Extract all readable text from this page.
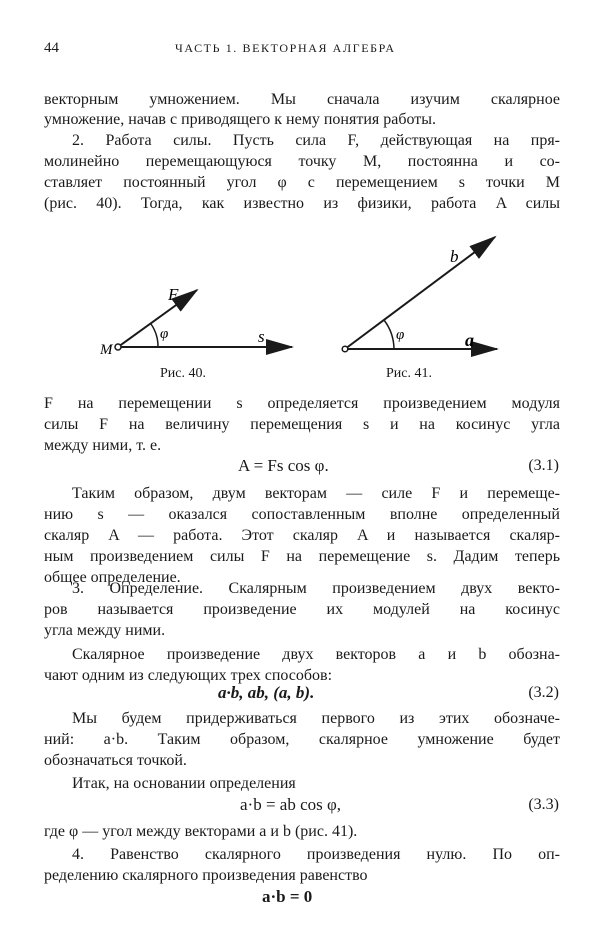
44	ЧАСТЬ 1. ВЕКТОРНАЯ АЛГЕБРА
векторным умножением. Мы сначала изучим скалярное
умножение, начав с приводящего к нему понятия работы.
2. Работа силы. Пусть сила F, действующая на пря-
молинейно перемещающуюся точку M, постоянна и со-
ставляет постоянный угол φ с перемещением s точки M
(рис. 40). Тогда, как известно из физики, работа A силы
F
φ
M
s
Рис. 40.
b
φ	a
Рис. 41.
F на перемещении s определяется произведением модуля
силы F на величину перемещения s и на косинус угла
между ними, т. е.
A = Fs cos φ.	(3.1)
Таким образом, двум векторам — силе F и перемеще-
нию s — оказался сопоставленным вполне определенный
скаляр A — работа. Этот скаляр A и называется скаляр-
ным произведением силы F на перемещение s. Дадим теперь
общее определение.
3. Определение. Скалярным произведением двух векто-
ров называется произведение их модулей на косинус
угла между ними.
Скалярное произведение двух векторов a и b обозна-
чают одним из следующих трех способов:
a·b, ab, (a, b).	(3.2)
Мы будем придерживаться первого из этих обозначе-
ний: a·b. Таким образом, скалярное умножение будет
обозначаться точкой.
Итак, на основании определения
a·b = ab cos φ,	(3.3)
где φ — угол между векторами a и b (рис. 41).
4. Равенство скалярного произведения нулю. По оп-
ределению скалярного произведения равенство
a·b = 0
